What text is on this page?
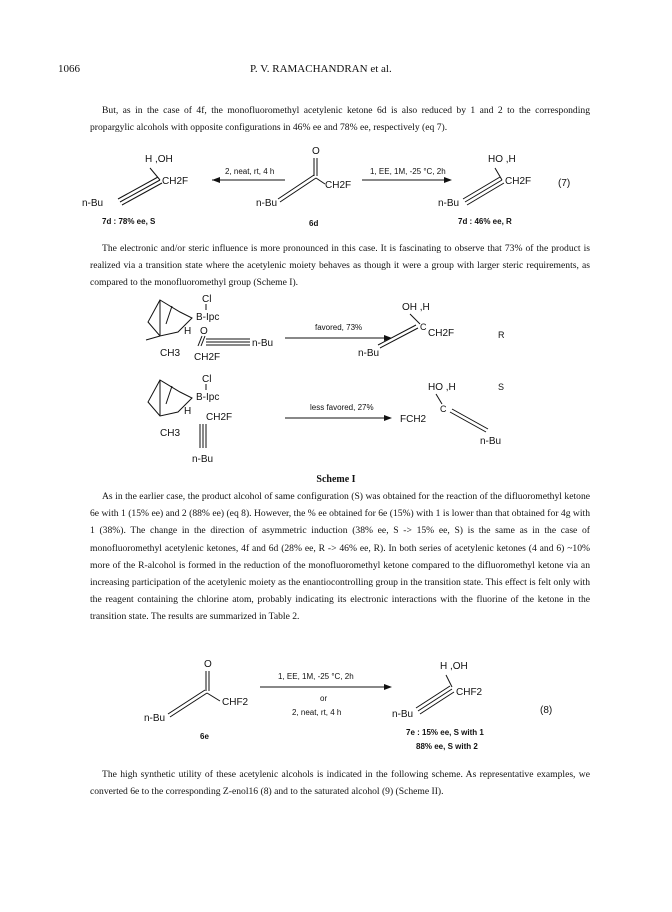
1066	P. V. RAMACHANDRAN et al.

But, as in the case of 4f, the monofluoromethyl acetylenic ketone 6d is also reduced by 1 and 2 to the corresponding propargylic alcohols with opposite configurations in 46% ee and 78% ee, respectively (eq 7).

H ,OH
CH2F
n-Bu
7d : 78% ee, S
2, neat, rt, 4 h
O
CH2F
n-Bu
6d
1, EE, 1M, -25 °C, 2h
HO ,H
CH2F
n-Bu
7d : 46% ee, R
(7)

The electronic and/or steric influence is more pronounced in this case. It is fascinating to observe that 73% of the product is realized via a transition state where the acetylenic moiety behaves as though it were a group with larger steric requirements, as compared to the monofluoromethyl group (Scheme I).

Cl
B-Ipc
H O
n-Bu
CH3 CH2F
favored, 73%
OH ,H
C
CH2F
n-Bu
R
Cl
B-Ipc
H
CH2F
CH3
n-Bu
less favored, 27%
HO ,H
C
FCH2
n-Bu
S
Scheme I

As in the earlier case, the product alcohol of same configuration (S) was obtained for the reaction of the difluoromethyl ketone 6e with 1 (15% ee) and 2 (88% ee) (eq 8). However, the % ee obtained for 6e (15%) with 1 is lower than that obtained for 4g with 1 (38%). The change in the direction of asymmetric induction (38% ee, S -> 15% ee, S) is the same as in the case of monofluoromethyl acetylenic ketones, 4f and 6d (28% ee, R -> 46% ee, R). In both series of acetylenic ketones (4 and 6) ~10% more of the R-alcohol is formed in the reduction of the monofluoromethyl ketone compared to the difluoromethyl ketone via an increasing participation of the acetylenic moiety as the enantiocontrolling group in the transition state. This effect is felt only with the reagent containing the chlorine atom, probably indicating its electronic interactions with the fluorine of the ketone in the transition state. The results are summarized in Table 2.

O
CHF2
n-Bu
6e
1, EE, 1M, -25 °C, 2h
or
2, neat, rt, 4 h
H ,OH
CHF2
n-Bu
7e : 15% ee, S with 1
88% ee, S with 2
(8)

The high synthetic utility of these acetylenic alcohols is indicated in the following scheme. As representative examples, we converted 6e to the corresponding Z-enol16 (8) and to the saturated alcohol (9) (Scheme II).
